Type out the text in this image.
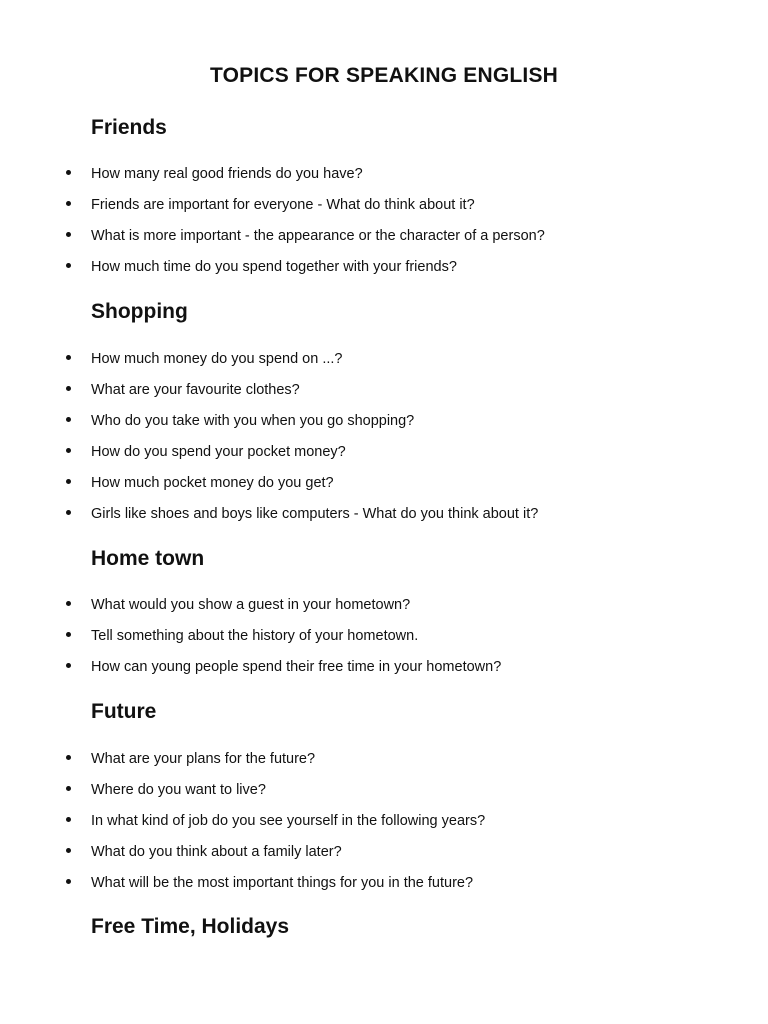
TOPICS FOR SPEAKING ENGLISH
Friends
How many real good friends do you have?
Friends are important for everyone - What do think about it?
What is more important - the appearance or the character of a person?
How much time do you spend together with your friends?
Shopping
How much money do you spend on ...?
What are your favourite clothes?
Who do you take with you when you go shopping?
How do you spend your pocket money?
How much pocket money do you get?
Girls like shoes and boys like computers - What do you think about it?
Home town
What would you show a guest in your hometown?
Tell something about the history of your hometown.
How can young people spend their free time in your hometown?
Future
What are your plans for the future?
Where do you want to live?
In what kind of job do you see yourself in the following years?
What do you think about a family later?
What will be the most important things for you in the future?
Free Time, Holidays
